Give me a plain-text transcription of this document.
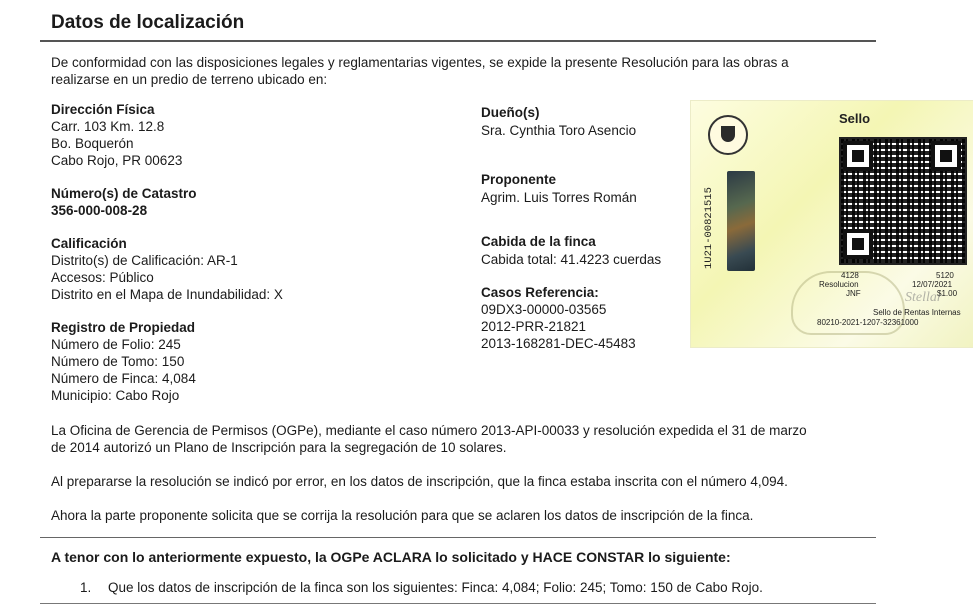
Datos de localización
De conformidad con las disposiciones legales y reglamentarias vigentes, se expide la presente Resolución para las obras a
realizarse en un predio de terreno ubicado en:
Dirección Física
Carr. 103 Km. 12.8
Bo. Boquerón
Cabo Rojo, PR 00623
Número(s) de Catastro
356-000-008-28
Calificación
Distrito(s) de Calificación: AR-1
Accesos: Público
Distrito en el Mapa de Inundabilidad: X
Registro de Propiedad
Número de Folio: 245
Número de Tomo: 150
Número de Finca: 4,084
Municipio: Cabo Rojo
Dueño(s)
Sra. Cynthia Toro Asencio
Proponente
Agrim. Luis Torres Román
Cabida de la finca
Cabida total: 41.4223 cuerdas
Casos Referencia:
09DX3-00000-03565
2012-PRR-21821
2013-168281-DEC-45483
1U21-00821515
Sello
4128
Resolucion
JNF
5120
12/07/2021
$1.00
Sello de Rentas Internas
80210-2021-1207-32361000
Stellar
La Oficina de Gerencia de Permisos (OGPe), mediante el caso número 2013-API-00033 y resolución expedida el 31 de marzo
de 2014 autorizó un Plano de Inscripción para la segregación de 10 solares.
Al prepararse la resolución se indicó por error, en los datos de inscripción, que la finca estaba inscrita con el número 4,094.
Ahora la parte proponente solicita que se corrija la resolución para que se aclaren los datos de inscripción de la finca.
A tenor con lo anteriormente expuesto, la OGPe ACLARA lo solicitado y HACE CONSTAR lo siguiente:
1. Que los datos de inscripción de la finca son los siguientes: Finca: 4,084; Folio: 245; Tomo: 150 de Cabo Rojo.
